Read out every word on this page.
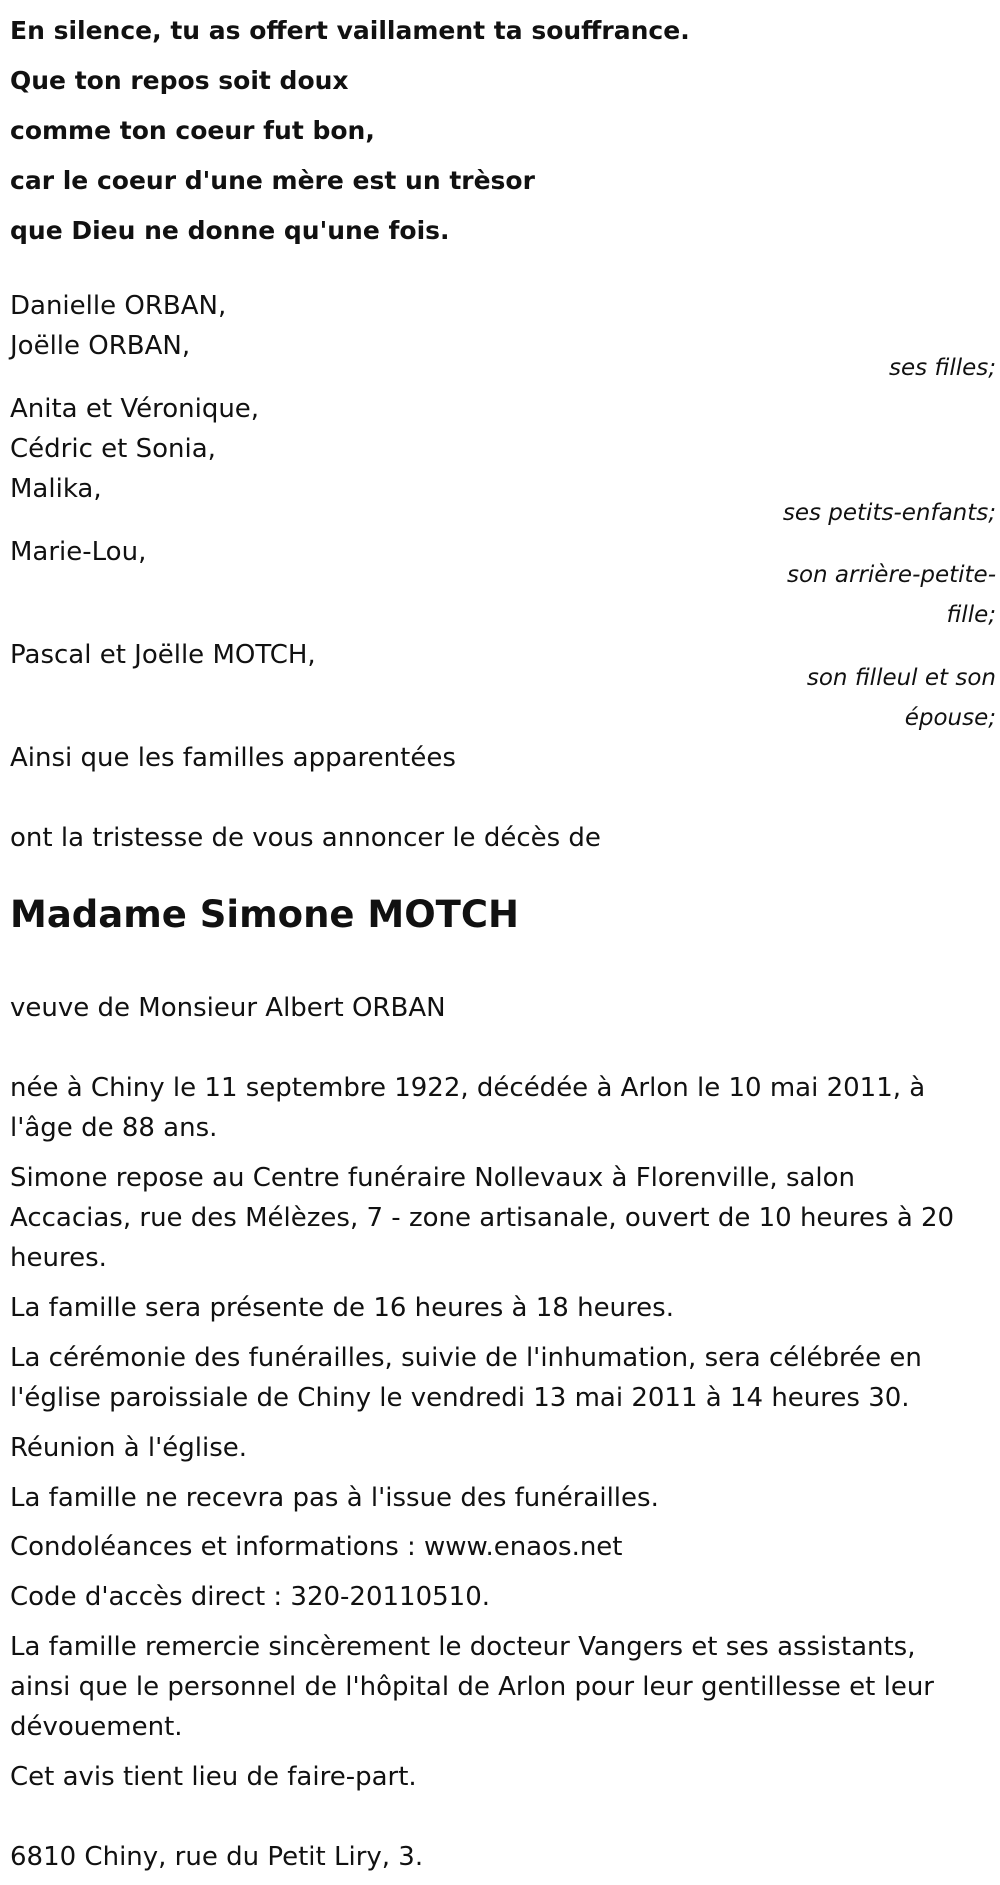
En silence, tu as offert vaillament ta souffrance.
Que ton repos soit doux
comme ton coeur fut bon,
car le coeur d'une mère est un trèsor
que Dieu ne donne qu'une fois.
Danielle ORBAN,
Joëlle ORBAN,
ses filles;
Anita et Véronique,
Cédric et Sonia,
Malika,
ses petits-enfants;
Marie-Lou,
son arrière-petite-fille;
Pascal et Joëlle MOTCH,
son filleul et son épouse;
Ainsi que les familles apparentées
ont la tristesse de vous annoncer le décès de
Madame Simone MOTCH
veuve de Monsieur Albert ORBAN
née à Chiny le 11 septembre 1922, décédée à Arlon le 10 mai 2011, à l'âge de 88 ans.
Simone repose au Centre funéraire Nollevaux à Florenville, salon Accacias, rue des Mélèzes, 7 - zone artisanale, ouvert de 10 heures à 20 heures.
La famille sera présente de 16 heures à 18 heures.
La cérémonie des funérailles, suivie de l'inhumation, sera célébrée en l'église paroissiale de Chiny le vendredi 13 mai 2011 à 14 heures 30.
Réunion à l'église.
La famille ne recevra pas à l'issue des funérailles.
Condoléances et informations : www.enaos.net
Code d'accès direct : 320-20110510.
La famille remercie sincèrement le docteur Vangers et ses assistants, ainsi que le personnel de l'hôpital de Arlon pour leur gentillesse et leur dévouement.
Cet avis tient lieu de faire-part.
6810 Chiny, rue du Petit Liry, 3.
